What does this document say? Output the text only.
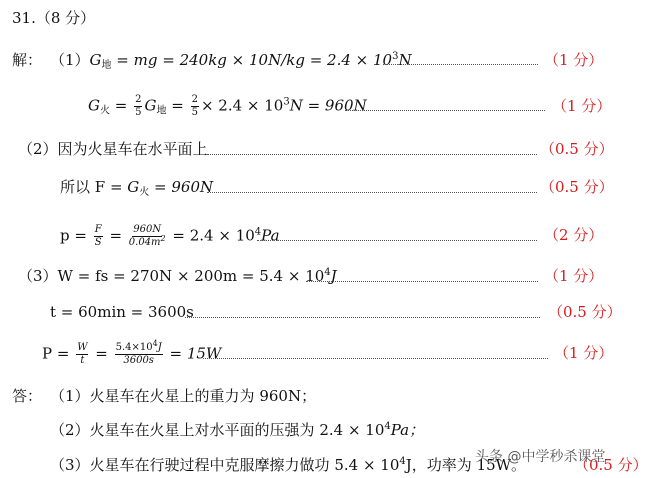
31.（8 分）
解： $(1)G_地$ = mg = $240kg \times 10N/kg = 2.4 \times 10^3N$	（1 分）
$G_火 = \frac{2}{5} G_地 = \frac{2}{5} \times 2.4 \times 10^3N = 960N$	（1 分）
（2）因为火星车在水平面上	（0.5 分）
所以 $F = G_火 = 960N$	（0.5 分）
$p = \frac{F}{S} = \frac{960N}{0.04m^2} = 2.4 \times 10^4Pa$	（2 分）
（3）W = fs = $270N \times 200m = 5.4 \times 10^4J$	（1 分）
t = 60min = 3600s	（0.5 分）
$P = \frac{W}{t} = \frac{5.4\times 10^4J}{3600s} = 15W$	（1 分）
答： （1）火星车在火星上的重力为 960N；
（2）火星车在火星上对水平面的压强为 $2.4 \times 10^4Pa$；
（3）火星车在行驶过程中克服摩擦力做功 $5.4 \times 10^4J$，功率为 15W。	（0.5 分）
头条 @中学秒杀课堂
